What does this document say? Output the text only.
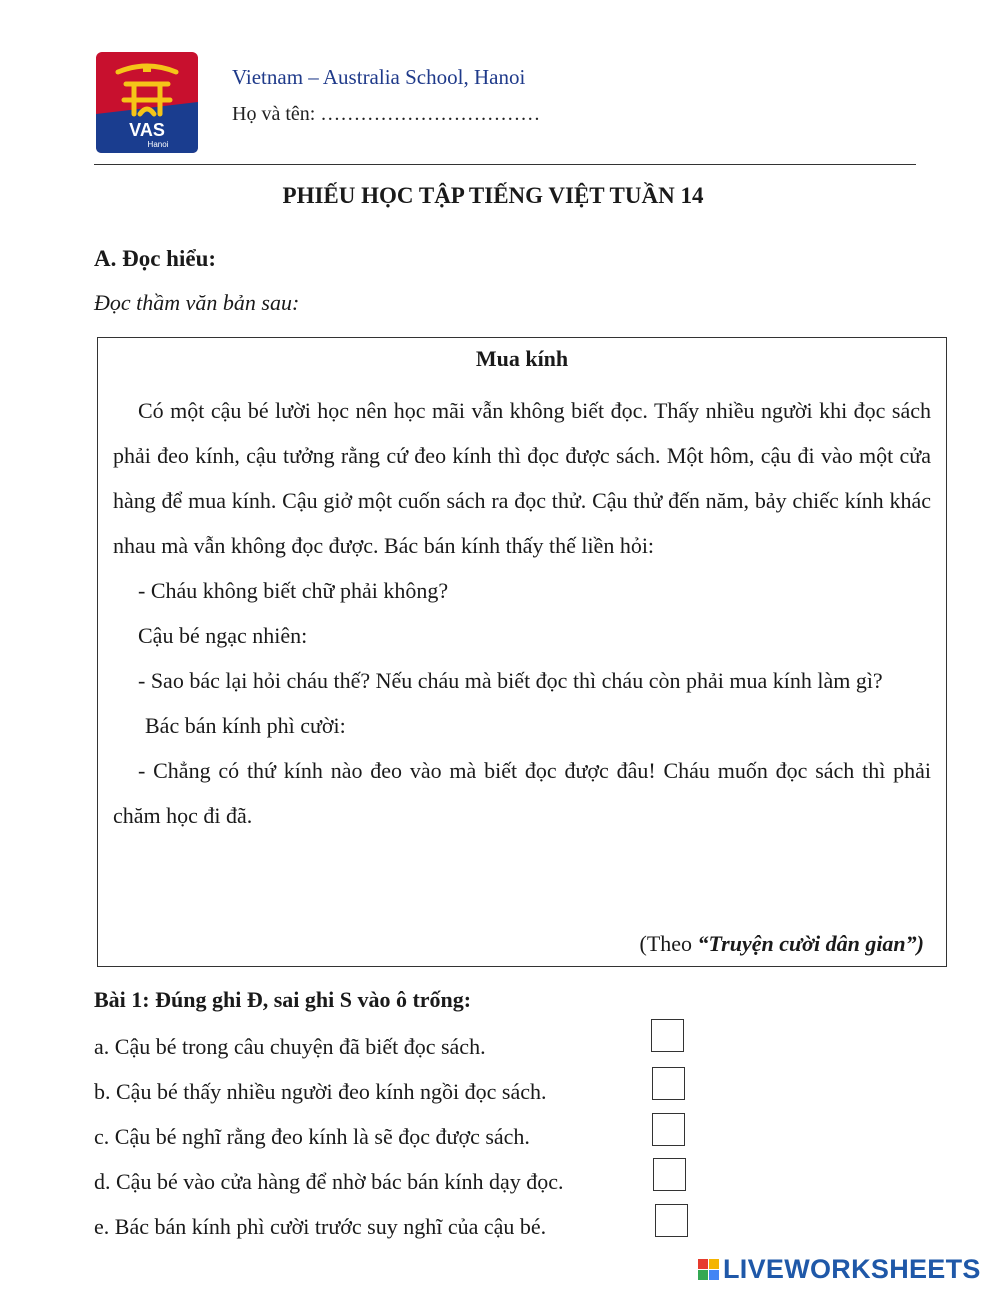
VAS
Hanoi
Vietnam – Australia School, Hanoi
Họ và tên: ……………………………
PHIẾU HỌC TẬP TIẾNG VIỆT TUẦN 14
A. Đọc hiểu:
Đọc thầm văn bản sau:
Mua kính

Có một cậu bé lười học nên học mãi vẫn không biết đọc. Thấy nhiều người khi đọc sách phải đeo kính, cậu tưởng rằng cứ đeo kính thì đọc được sách. Một hôm, cậu đi vào một cửa hàng để mua kính. Cậu giở một cuốn sách ra đọc thử. Cậu thử đến năm, bảy chiếc kính khác nhau mà vẫn không đọc được. Bác bán kính thấy thế liền hỏi:

- Cháu không biết chữ phải không?

Cậu bé ngạc nhiên:

- Sao bác lại hỏi cháu thế? Nếu cháu mà biết đọc thì cháu còn phải mua kính làm gì?

Bác bán kính phì cười:

- Chẳng có thứ kính nào đeo vào mà biết đọc được đâu! Cháu muốn đọc sách thì phải chăm học đi đã.

(Theo “Truyện cười dân gian”)
Bài 1: Đúng ghi Đ, sai ghi S vào ô trống:
a. Cậu bé trong câu chuyện đã biết đọc sách.
b. Cậu bé thấy nhiều người đeo kính ngồi đọc sách.
c. Cậu bé nghĩ rằng đeo kính là sẽ đọc được sách.
d. Cậu bé vào cửa hàng để nhờ bác bán kính dạy đọc.
e. Bác bán kính phì cười trước suy nghĩ của cậu bé.
LIVEWORKSHEETS
